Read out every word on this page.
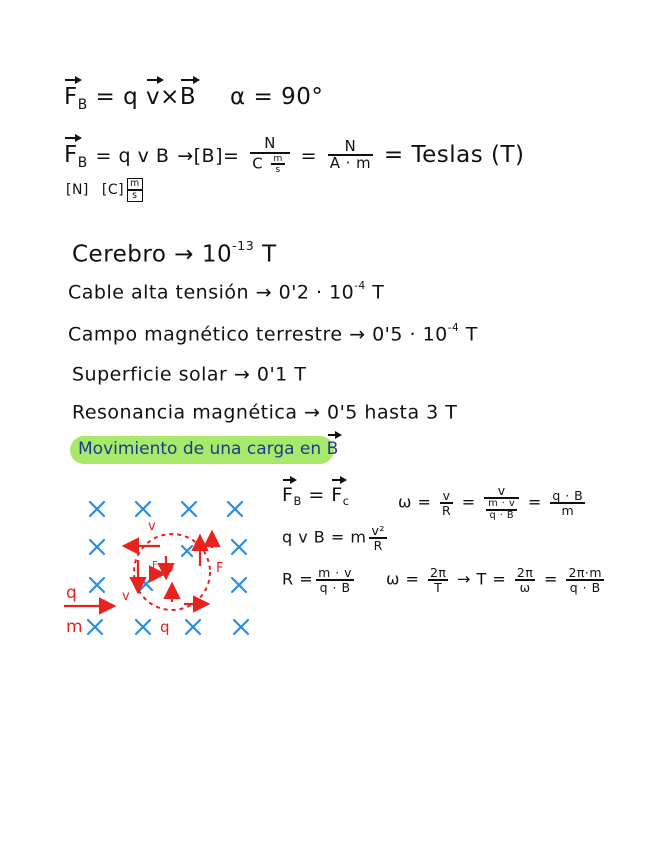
$F_B = q$ v×B α = 90°
$F_B = q$ v $B \to[B]= \frac{N}{C \frac{m}{s}} = \frac{N}{A \cdot m}$ = Teslas (T)
[N] $[C] \frac{m}{s}$
Cerebro → $10^{-13}$ T
Cable alta tensión → $0'2 \cdot 10^{-4}$ T
Campo magnético terrestre → $0'5 \cdot 10^{-4}$ T
Superficie solar → 0'1 T
Resonancia magnética → 0'5 hasta 3 T
Movimiento de una carga en B
q
m
v
F
v
q
F v
$F_B = F_c$
q v B = m $\frac{\text{v²}}{R}$
$R = \frac{m \cdot v}{q \cdot B}$
$\omega = \frac{v}{R} = \frac{v}{\frac{m \cdot v}{q \cdot B}} = \frac{q \cdot B}{m}$
$\omega = \frac{2\pi}{T} \to T = \frac{2\pi}{\omega} = \frac{2\pi\cdot m}{q \cdot B}$
